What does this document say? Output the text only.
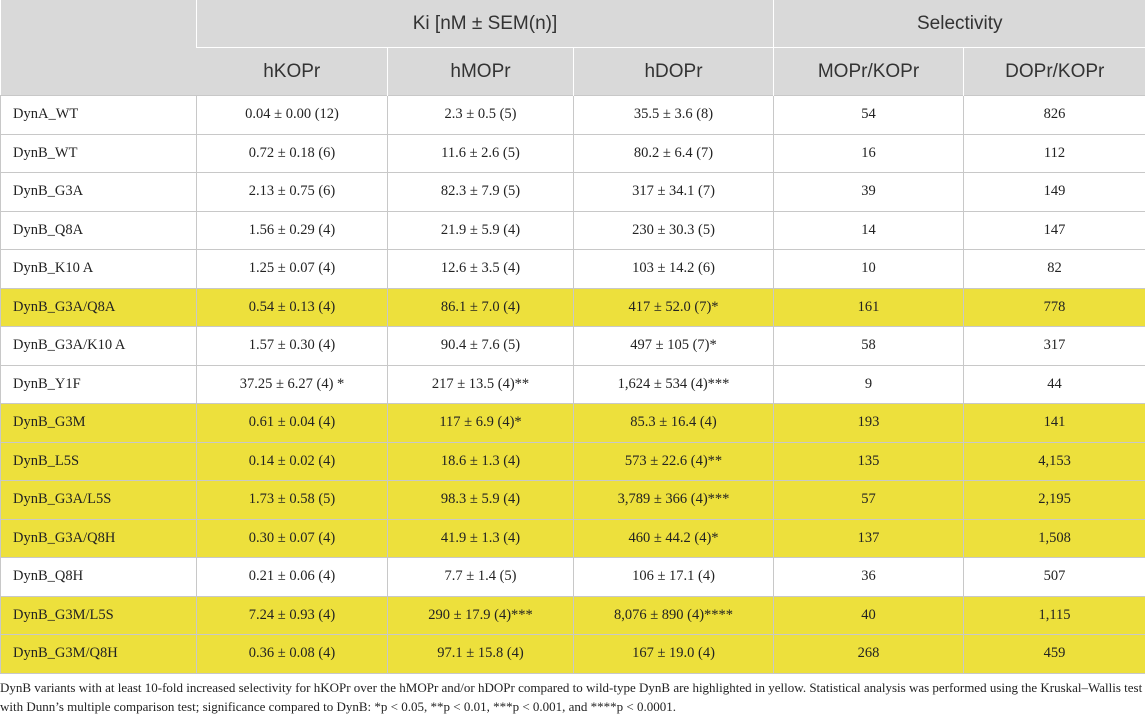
	Ki [nM ± SEM(n)]			Selectivity	
	hKOPr	hMOPr	hDOPr	MOPr/KOPr	DOPr/KOPr
DynA_WT	0.04 ± 0.00 (12)	2.3 ± 0.5 (5)	35.5 ± 3.6 (8)	54	826
DynB_WT	0.72 ± 0.18 (6)	11.6 ± 2.6 (5)	80.2 ± 6.4 (7)	16	112
DynB_G3A	2.13 ± 0.75 (6)	82.3 ± 7.9 (5)	317 ± 34.1 (7)	39	149
DynB_Q8A	1.56 ± 0.29 (4)	21.9 ± 5.9 (4)	230 ± 30.3 (5)	14	147
DynB_K10 A	1.25 ± 0.07 (4)	12.6 ± 3.5 (4)	103 ± 14.2 (6)	10	82
DynB_G3A/Q8A	0.54 ± 0.13 (4)	86.1 ± 7.0 (4)	417 ± 52.0 (7)*	161	778
DynB_G3A/K10 A	1.57 ± 0.30 (4)	90.4 ± 7.6 (5)	497 ± 105 (7)*	58	317
DynB_Y1F	37.25 ± 6.27 (4) *	217 ± 13.5 (4)**	1,624 ± 534 (4)***	9	44
DynB_G3M	0.61 ± 0.04 (4)	117 ± 6.9 (4)*	85.3 ± 16.4 (4)	193	141
DynB_L5S	0.14 ± 0.02 (4)	18.6 ± 1.3 (4)	573 ± 22.6 (4)**	135	4,153
DynB_G3A/L5S	1.73 ± 0.58 (5)	98.3 ± 5.9 (4)	3,789 ± 366 (4)***	57	2,195
DynB_G3A/Q8H	0.30 ± 0.07 (4)	41.9 ± 1.3 (4)	460 ± 44.2 (4)*	137	1,508
DynB_Q8H	0.21 ± 0.06 (4)	7.7 ± 1.4 (5)	106 ± 17.1 (4)	36	507
DynB_G3M/L5S	7.24 ± 0.93 (4)	290 ± 17.9 (4)***	8,076 ± 890 (4)****	40	1,115
DynB_G3M/Q8H	0.36 ± 0.08 (4)	97.1 ± 15.8 (4)	167 ± 19.0 (4)	268	459
DynB variants with at least 10-fold increased selectivity for hKOPr over the hMOPr and/or hDOPr compared to wild-type DynB are highlighted in yellow. Statistical analysis was performed using the Kruskal–Wallis test with Dunn’s multiple comparison test; significance compared to DynB: *p < 0.05, **p < 0.01, ***p < 0.001, and ****p < 0.0001.
